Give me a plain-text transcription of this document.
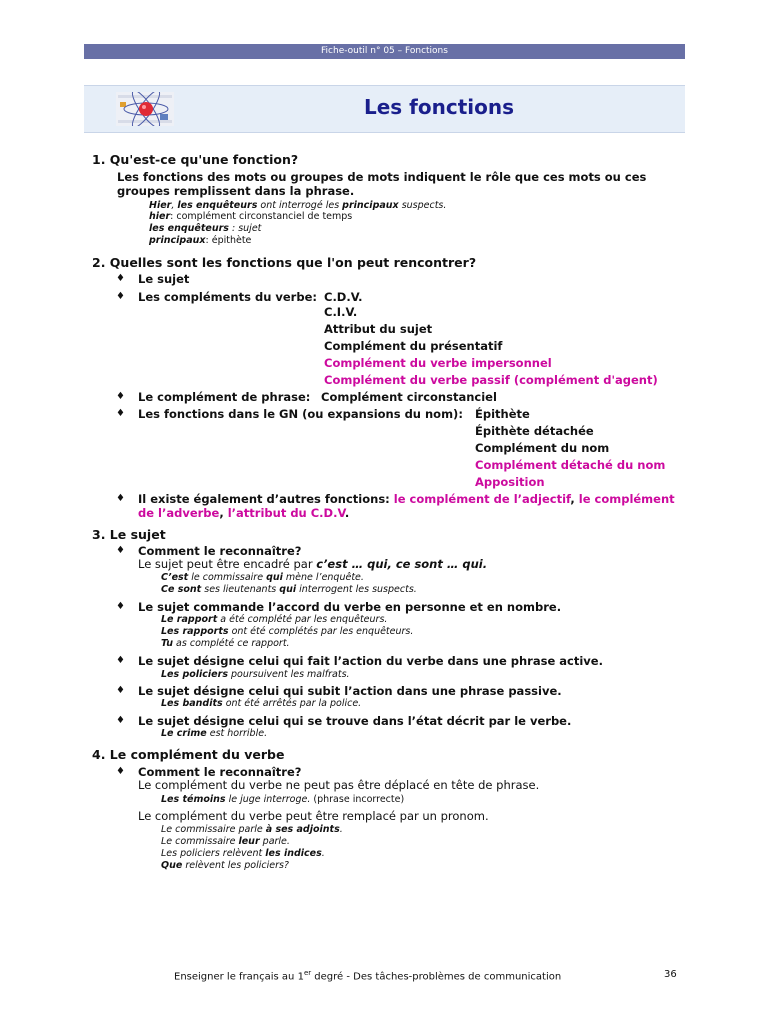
Fiche-outil n° 05 – Fonctions
Les fonctions
1. Qu'est-ce qu'une fonction?
Les fonctions des mots ou groupes de mots indiquent le rôle que ces mots ou ces
groupes remplissent dans la phrase.
Hier, les enquêteurs ont interrogé les principaux suspects.
hier: complément circonstanciel de temps
les enquêteurs : sujet
principaux: épithète
2. Quelles sont les fonctions que l'on peut rencontrer?
♦ Le sujet
♦ Les compléments du verbe: C.D.V.
C.I.V.
Attribut du sujet
Complément du présentatif
Complément du verbe impersonnel
Complément du verbe passif (complément d'agent)
♦ Le complément de phrase: Complément circonstanciel
♦ Les fonctions dans le GN (ou expansions du nom): Épithète
Épithète détachée
Complément du nom
Complément détaché du nom
Apposition
♦ Il existe également d’autres fonctions: le complément de l’adjectif, le complément
de l’adverbe, l’attribut du C.D.V.
3. Le sujet
♦ Comment le reconnaître?
Le sujet peut être encadré par c’est … qui, ce sont … qui.
C’est le commissaire qui mène l’enquête.
Ce sont ses lieutenants qui interrogent les suspects.
♦ Le sujet commande l’accord du verbe en personne et en nombre.
Le rapport a été complété par les enquêteurs.
Les rapports ont été complétés par les enquêteurs.
Tu as complété ce rapport.
♦ Le sujet désigne celui qui fait l’action du verbe dans une phrase active.
Les policiers poursuivent les malfrats.
♦ Le sujet désigne celui qui subit l’action dans une phrase passive.
Les bandits ont été arrêtés par la police.
♦ Le sujet désigne celui qui se trouve dans l’état décrit par le verbe.
Le crime est horrible.
4. Le complément du verbe
♦ Comment le reconnaître?
Le complément du verbe ne peut pas être déplacé en tête de phrase.
Les témoins le juge interroge. (phrase incorrecte)
Le complément du verbe peut être remplacé par un pronom.
Le commissaire parle à ses adjoints.
Le commissaire leur parle.
Les policiers relèvent les indices.
Que relèvent les policiers?
Enseigner le français au 1er degré - Des tâches-problèmes de communication	36
